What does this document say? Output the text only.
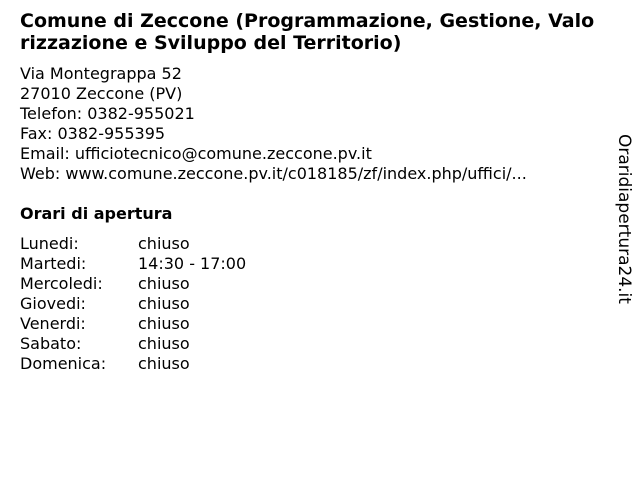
Comune di Zeccone (Programmazione, Gestione, Valorizzazione e Sviluppo del Territorio)
Via Montegrappa 52
27010 Zeccone (PV)
Telefon: 0382-955021
Fax: 0382-955395
Email: ufficiotecnico@comune.zeccone.pv.it
Web: www.comune.zeccone.pv.it/c018185/zf/index.php/uffici/...
Orari di apertura
Lunedi:	chiuso
Martedi:	14:30 - 17:00
Mercoledi: chiuso
Giovedi:	chiuso
Venerdi:	chiuso
Sabato:	chiuso
Domenica: chiuso
Oraridiapertura24.it
